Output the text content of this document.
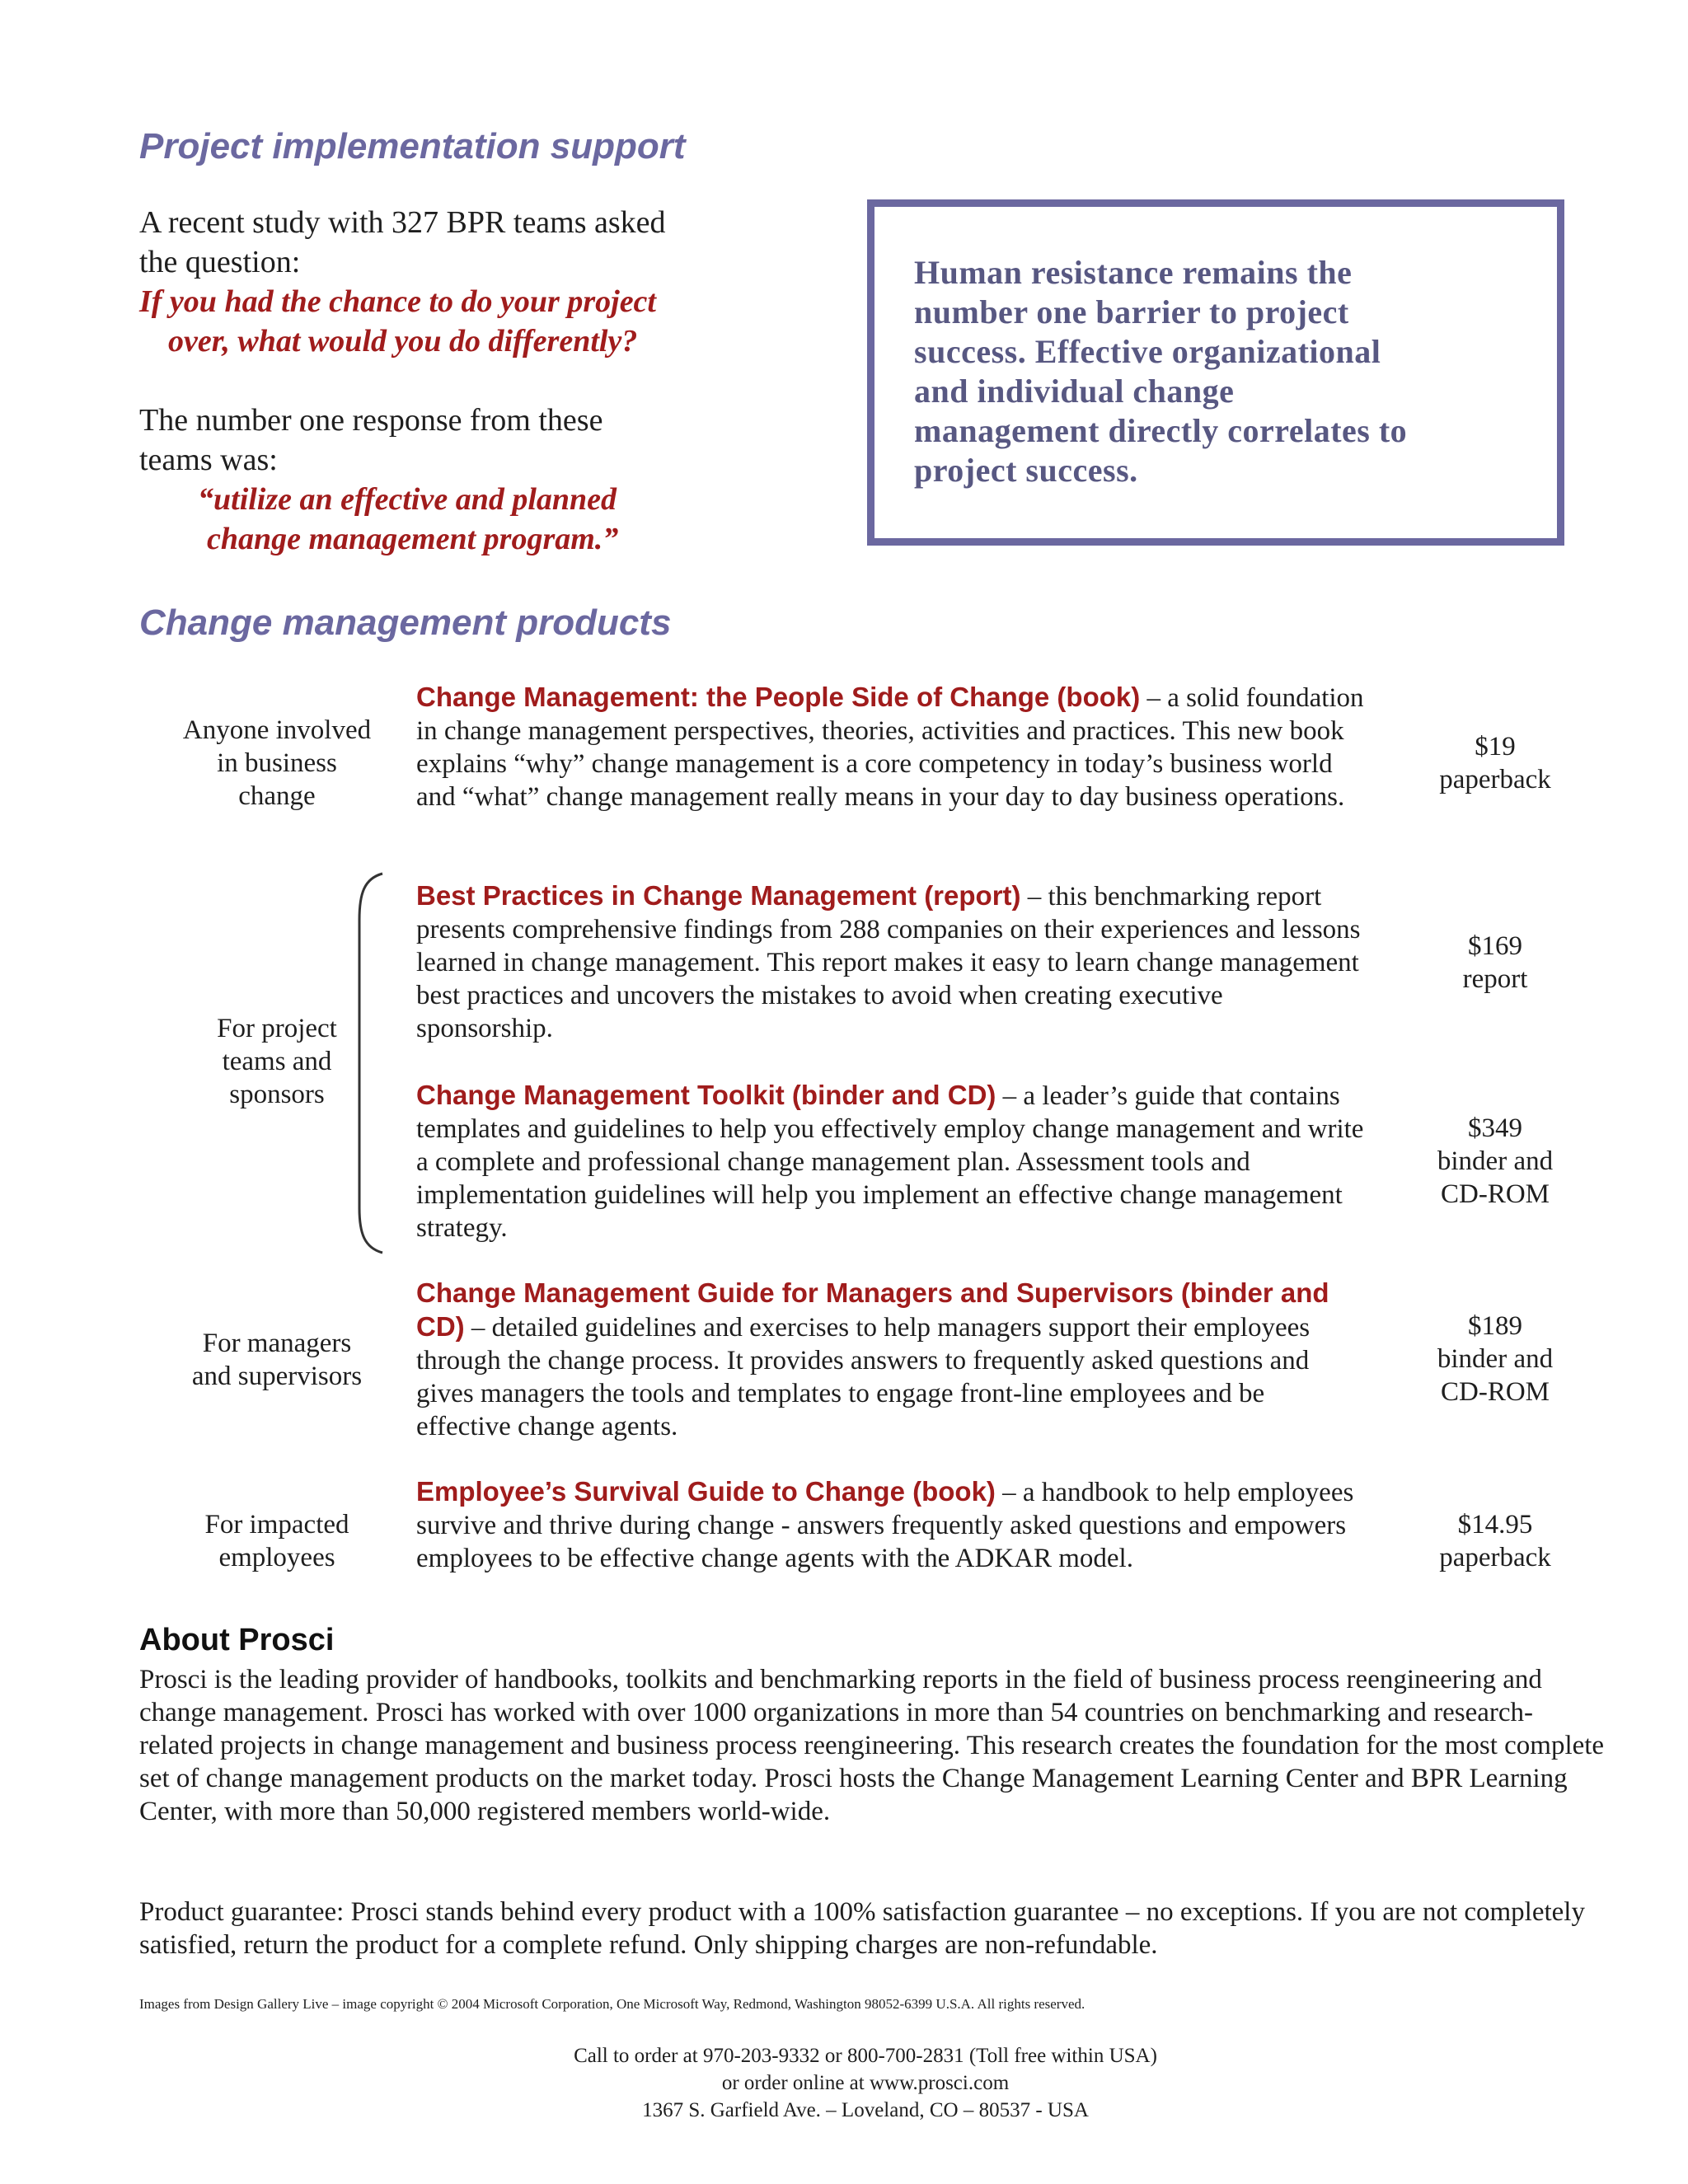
Project implementation support
A recent study with 327 BPR teams asked
the question:
If you had the chance to do your project
over, what would you do differently?
The number one response from these
teams was:
“utilize an effective and planned
change management program.”
Human resistance remains the
number one barrier to project
success. Effective organizational
and individual change
management directly correlates to
project success.
Change management products
Anyone involved
in business
change
For project
teams and
sponsors
For managers
and supervisors
For impacted
employees
Change Management: the People Side of Change (book) – a solid foundation in change management perspectives, theories, activities and practices. This new book explains “why” change management is a core competency in today’s business world and “what” change management really means in your day to day business operations.
$19
paperback
Best Practices in Change Management (report) – this benchmarking report presents comprehensive findings from 288 companies on their experiences and lessons learned in change management. This report makes it easy to learn change management best practices and uncovers the mistakes to avoid when creating executive sponsorship.
$169
report
Change Management Toolkit (binder and CD) – a leader’s guide that contains templates and guidelines to help you effectively employ change management and write a complete and professional change management plan. Assessment tools and implementation guidelines will help you implement an effective change management strategy.
$349
binder and
CD-ROM
Change Management Guide for Managers and Supervisors (binder and CD) – detailed guidelines and exercises to help managers support their employees through the change process. It provides answers to frequently asked questions and gives managers the tools and templates to engage front-line employees and be effective change agents.
$189
binder and
CD-ROM
Employee’s Survival Guide to Change (book) – a handbook to help employees survive and thrive during change - answers frequently asked questions and empowers employees to be effective change agents with the ADKAR model.
$14.95
paperback
About Prosci
Prosci is the leading provider of handbooks, toolkits and benchmarking reports in the field of business process reengineering and change management. Prosci has worked with over 1000 organizations in more than 54 countries on benchmarking and research-related projects in change management and business process reengineering. This research creates the foundation for the most complete set of change management products on the market today. Prosci hosts the Change Management Learning Center and BPR Learning Center, with more than 50,000 registered members world-wide.
Product guarantee: Prosci stands behind every product with a 100% satisfaction guarantee – no exceptions. If you are not completely satisfied, return the product for a complete refund. Only shipping charges are non-refundable.
Images from Design Gallery Live – image copyright © 2004 Microsoft Corporation, One Microsoft Way, Redmond, Washington 98052-6399 U.S.A. All rights reserved.
Call to order at 970-203-9332 or 800-700-2831 (Toll free within USA)
or order online at www.prosci.com
1367 S. Garfield Ave. – Loveland, CO – 80537 - USA
